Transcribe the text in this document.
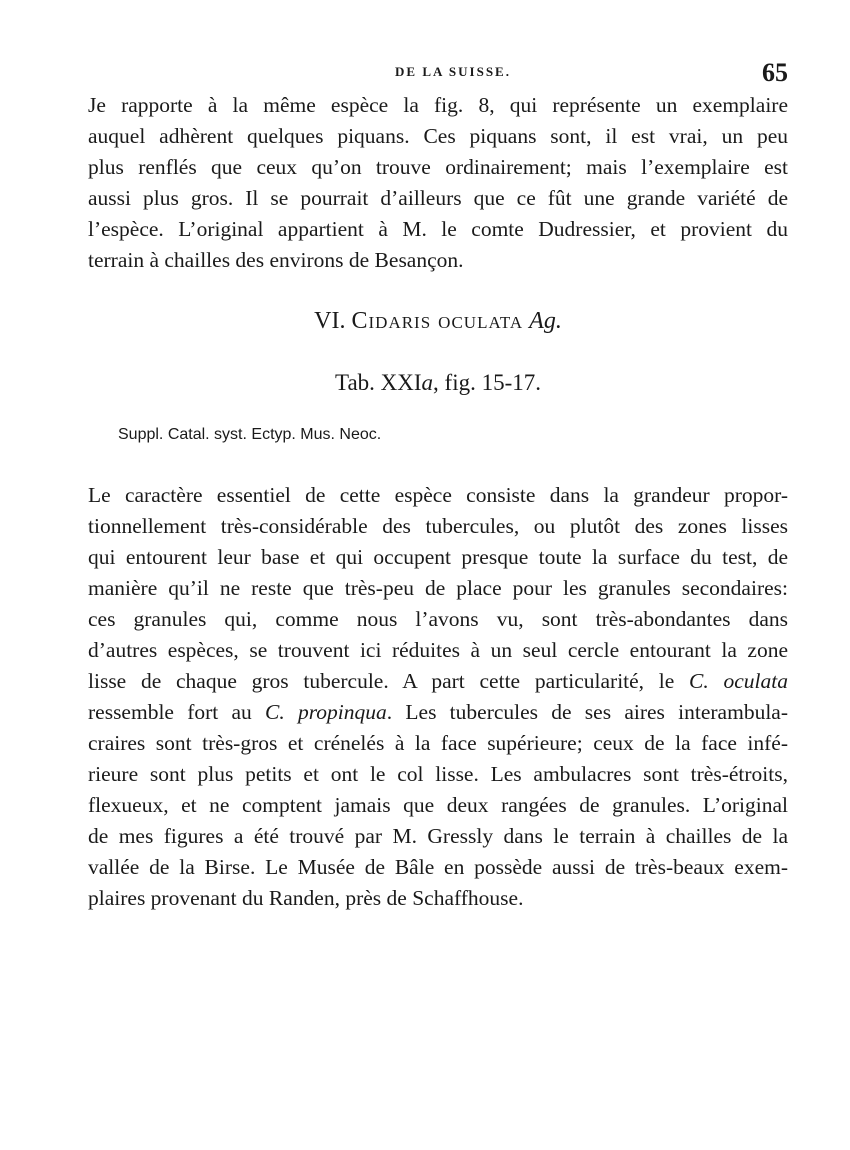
DE LA SUISSE.	65

Je rapporte à la même espèce la fig. 8, qui représente un exemplaire
auquel adhèrent quelques piquans. Ces piquans sont, il est vrai, un peu
plus renflés que ceux qu’on trouve ordinairement; mais l’exemplaire est
aussi plus gros. Il se pourrait d’ailleurs que ce fût une grande variété de
l’espèce. L’original appartient à M. le comte Dudressier, et provient du
terrain à chailles des environs de Besançon.

VI. Cidaris oculata Ag.
Tab. XXIa, fig. 15-17.
Suppl. Catal. syst. Ectyp. Mus. Neoc.

Le caractère essentiel de cette espèce consiste dans la grandeur propor-
tionnellement très-considérable des tubercules, ou plutôt des zones lisses
qui entourent leur base et qui occupent presque toute la surface du test, de
manière qu’il ne reste que très-peu de place pour les granules secondaires:
ces granules qui, comme nous l’avons vu, sont très-abondantes dans
d’autres espèces, se trouvent ici réduites à un seul cercle entourant la zone
lisse de chaque gros tubercule. A part cette particularité, le C. oculata
ressemble fort au C. propinqua. Les tubercules de ses aires interambula-
craires sont très-gros et crénelés à la face supérieure; ceux de la face infé-
rieure sont plus petits et ont le col lisse. Les ambulacres sont très-étroits,
flexueux, et ne comptent jamais que deux rangées de granules. L’original
de mes figures a été trouvé par M. Gressly dans le terrain à chailles de la
vallée de la Birse. Le Musée de Bâle en possède aussi de très-beaux exem-
plaires provenant du Randen, près de Schaffhouse.
